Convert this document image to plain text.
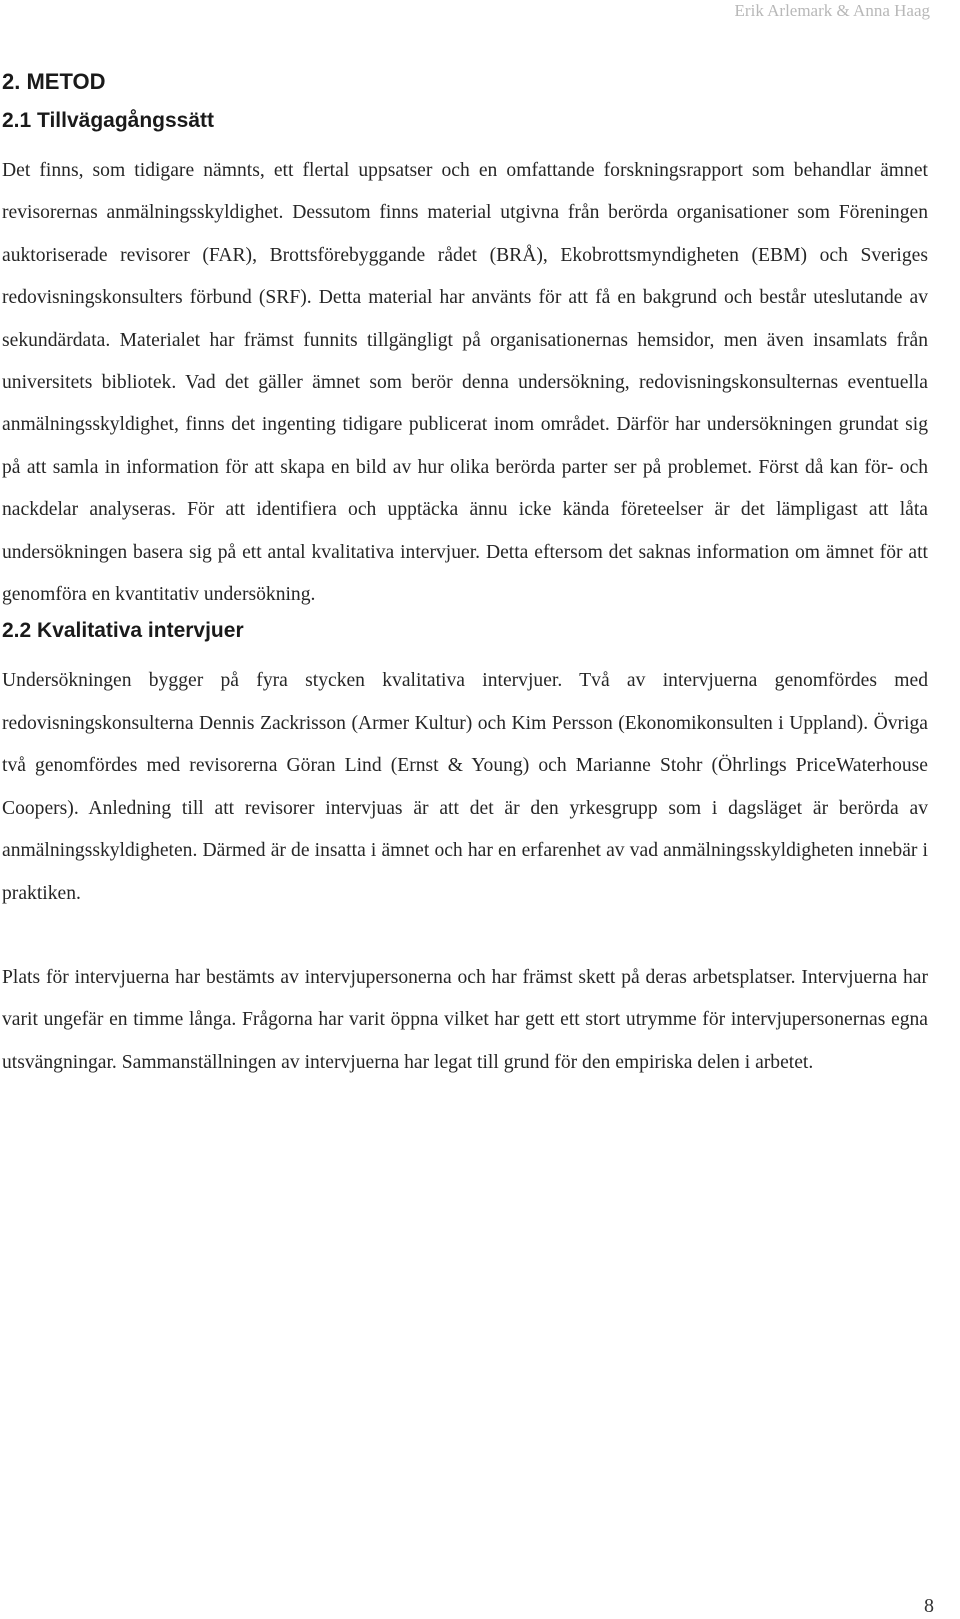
Erik Arlemark & Anna Haag
2. METOD
2.1 Tillvägagångssätt

Det finns, som tidigare nämnts, ett flertal uppsatser och en omfattande forskningsrapport som behandlar ämnet revisorernas anmälningsskyldighet. Dessutom finns material utgivna från berörda organisationer som Föreningen auktoriserade revisorer (FAR), Brottsförebyggande rådet (BRÅ), Ekobrottsmyndigheten (EBM) och Sveriges redovisningskonsulters förbund (SRF). Detta material har använts för att få en bakgrund och består uteslutande av sekundärdata. Materialet har främst funnits tillgängligt på organisationernas hemsidor, men även insamlats från universitets bibliotek. Vad det gäller ämnet som berör denna undersökning, redovisningskonsulternas eventuella anmälningsskyldighet, finns det ingenting tidigare publicerat inom området. Därför har undersökningen grundat sig på att samla in information för att skapa en bild av hur olika berörda parter ser på problemet. Först då kan för- och nackdelar analyseras. För att identifiera och upptäcka ännu icke kända företeelser är det lämpligast att låta undersökningen basera sig på ett antal kvalitativa intervjuer. Detta eftersom det saknas information om ämnet för att genomföra en kvantitativ undersökning.

2.2 Kvalitativa intervjuer

Undersökningen bygger på fyra stycken kvalitativa intervjuer. Två av intervjuerna genomfördes med redovisningskonsulterna Dennis Zackrisson (Armer Kultur) och Kim Persson (Ekonomikonsulten i Uppland). Övriga två genomfördes med revisorerna Göran Lind (Ernst & Young) och Marianne Stohr (Öhrlings PriceWaterhouse Coopers). Anledning till att revisorer intervjuas är att det är den yrkesgrupp som i dagsläget är berörda av anmälningsskyldigheten. Därmed är de insatta i ämnet och har en erfarenhet av vad anmälningsskyldigheten innebär i praktiken.

Plats för intervjuerna har bestämts av intervjupersonerna och har främst skett på deras arbetsplatser. Intervjuerna har varit ungefär en timme långa. Frågorna har varit öppna vilket har gett ett stort utrymme för intervjupersonernas egna utsvängningar. Sammanställningen av intervjuerna har legat till grund för den empiriska delen i arbetet.

8
